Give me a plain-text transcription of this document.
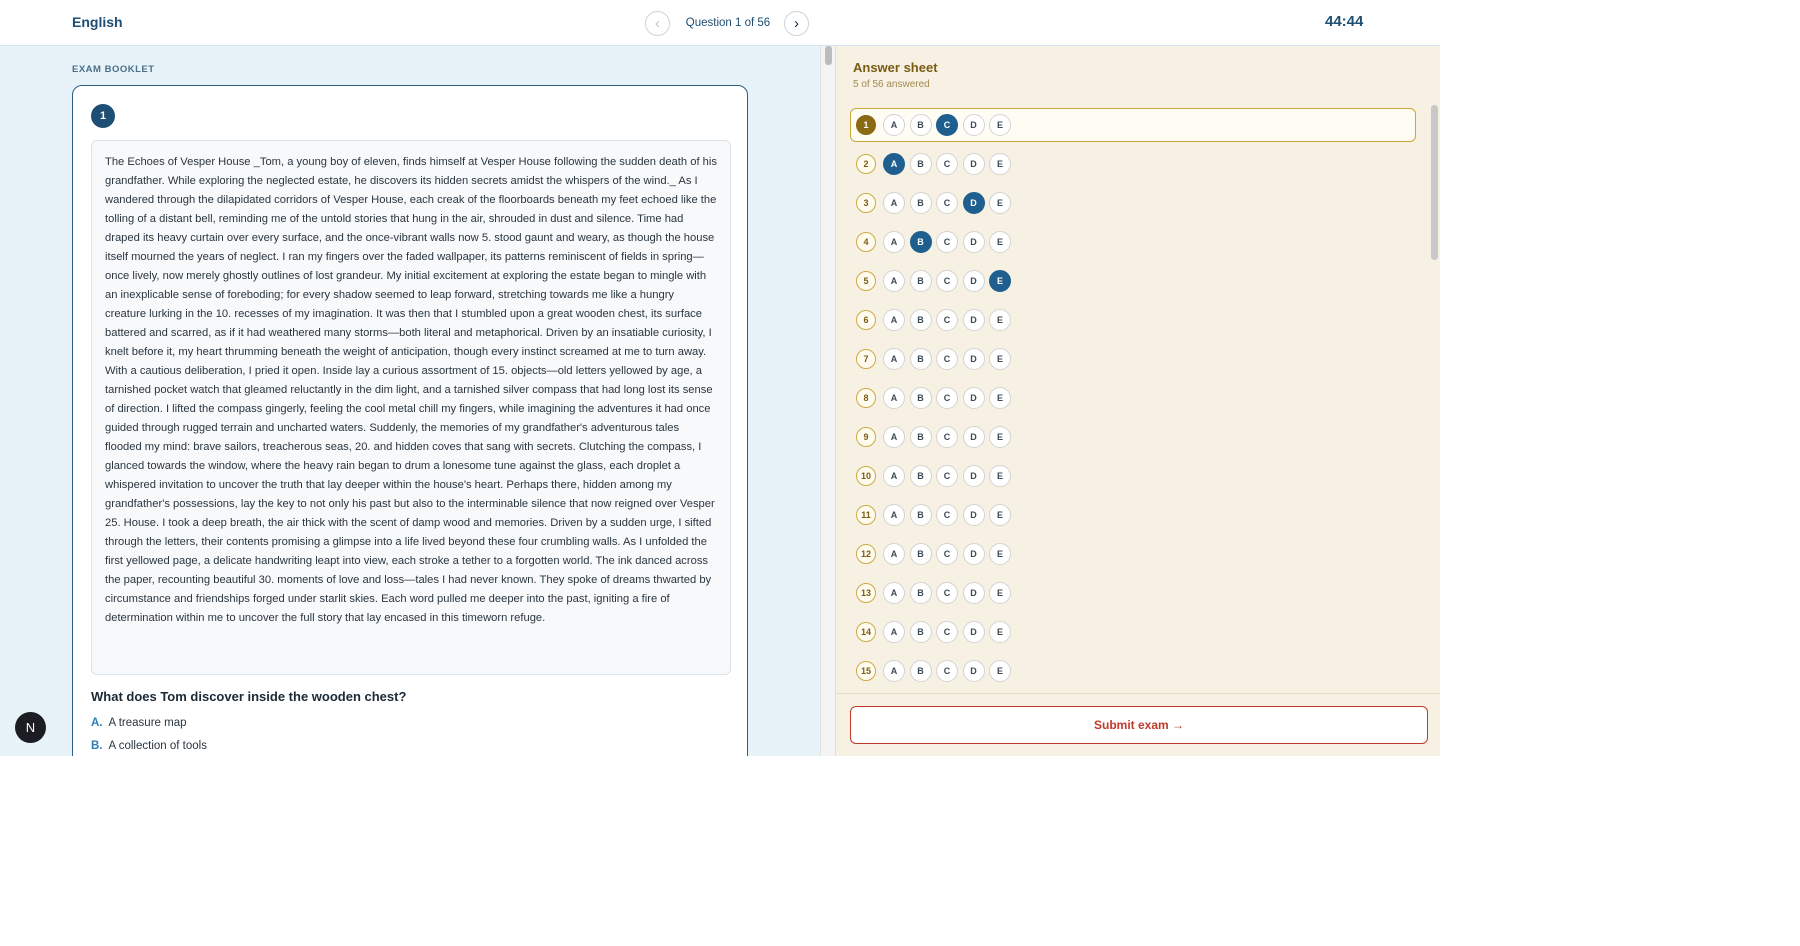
English	‹	Question 1 of 56	›	44:44
EXAM BOOKLET
1
The Echoes of Vesper House _Tom, a young boy of eleven, finds himself at Vesper House following the sudden death of his grandfather. While exploring the neglected estate, he discovers its hidden secrets amidst the whispers of the wind._ As I wandered through the dilapidated corridors of Vesper House, each creak of the floorboards beneath my feet echoed like the tolling of a distant bell, reminding me of the untold stories that hung in the air, shrouded in dust and silence. Time had draped its heavy curtain over every surface, and the once-vibrant walls now 5. stood gaunt and weary, as though the house itself mourned the years of neglect. I ran my fingers over the faded wallpaper, its patterns reminiscent of fields in spring—once lively, now merely ghostly outlines of lost grandeur. My initial excitement at exploring the estate began to mingle with an inexplicable sense of foreboding; for every shadow seemed to leap forward, stretching towards me like a hungry creature lurking in the 10. recesses of my imagination. It was then that I stumbled upon a great wooden chest, its surface battered and scarred, as if it had weathered many storms—both literal and metaphorical. Driven by an insatiable curiosity, I knelt before it, my heart thrumming beneath the weight of anticipation, though every instinct screamed at me to turn away. With a cautious deliberation, I pried it open. Inside lay a curious assortment of 15. objects—old letters yellowed by age, a tarnished pocket watch that gleamed reluctantly in the dim light, and a tarnished silver compass that had long lost its sense of direction. I lifted the compass gingerly, feeling the cool metal chill my fingers, while imagining the adventures it had once guided through rugged terrain and uncharted waters. Suddenly, the memories of my grandfather's adventurous tales flooded my mind: brave sailors, treacherous seas, 20. and hidden coves that sang with secrets. Clutching the compass, I glanced towards the window, where the heavy rain began to drum a lonesome tune against the glass, each droplet a whispered invitation to uncover the truth that lay deeper within the house's heart. Perhaps there, hidden among my grandfather's possessions, lay the key to not only his past but also to the interminable silence that now reigned over Vesper 25. House. I took a deep breath, the air thick with the scent of damp wood and memories. Driven by a sudden urge, I sifted through the letters, their contents promising a glimpse into a life lived beyond these four crumbling walls. As I unfolded the first yellowed page, a delicate handwriting leapt into view, each stroke a tether to a forgotten world. The ink danced across the paper, recounting beautiful 30. moments of love and loss—tales I had never known. They spoke of dreams thwarted by circumstance and friendships forged under starlit skies. Each word pulled me deeper into the past, igniting a fire of determination within me to uncover the full story that lay encased in this timeworn refuge.
What does Tom discover inside the wooden chest?
A. A treasure map
B. A collection of tools
N
Answer sheet
5 of 56 answered
1	A	B	C	D	E
2	A	B	C	D	E
3	A	B	C	D	E
4	A	B	C	D	E
5	A	B	C	D	E
6	A	B	C	D	E
7	A	B	C	D	E
8	A	B	C	D	E
9	A	B	C	D	E
10	A	B	C	D	E
11	A	B	C	D	E
12	A	B	C	D	E
13	A	B	C	D	E
14	A	B	C	D	E
15	A	B	C	D	E
Submit exam →
